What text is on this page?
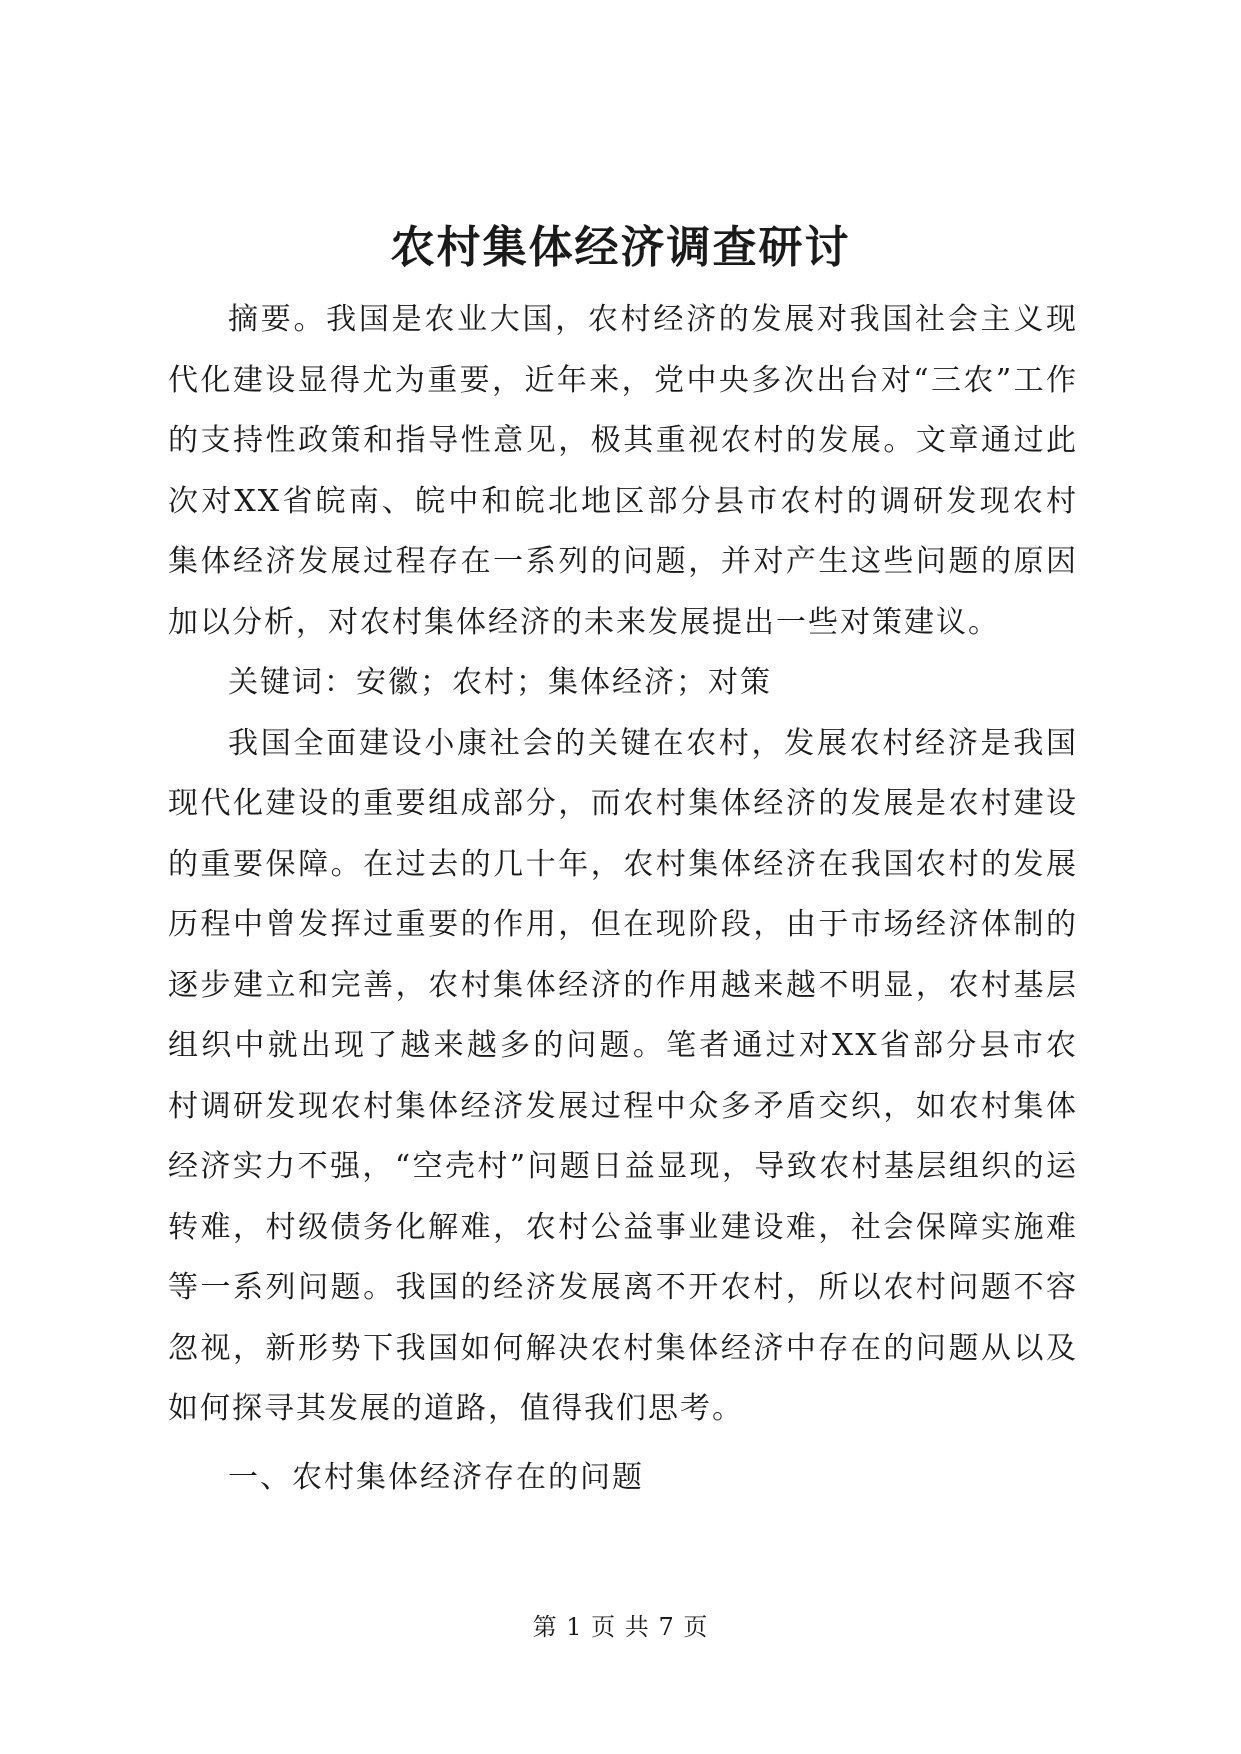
农村集体经济调查研讨

摘要。我国是农业大国，农村经济的发展对我国社会主义现代化建设显得尤为重要，近年来，党中央多次出台对“三农”工作的支持性政策和指导性意见，极其重视农村的发展。文章通过此次对XX省皖南、皖中和皖北地区部分县市农村的调研发现农村集体经济发展过程存在一系列的问题，并对产生这些问题的原因加以分析，对农村集体经济的未来发展提出一些对策建议。

关键词：安徽；农村；集体经济；对策

我国全面建设小康社会的关键在农村，发展农村经济是我国现代化建设的重要组成部分，而农村集体经济的发展是农村建设的重要保障。在过去的几十年，农村集体经济在我国农村的发展历程中曾发挥过重要的作用，但在现阶段，由于市场经济体制的逐步建立和完善，农村集体经济的作用越来越不明显，农村基层组织中就出现了越来越多的问题。笔者通过对XX省部分县市农村调研发现农村集体经济发展过程中众多矛盾交织，如农村集体经济实力不强，“空壳村”问题日益显现，导致农村基层组织的运转难，村级债务化解难，农村公益事业建设难，社会保障实施难等一系列问题。我国的经济发展离不开农村，所以农村问题不容忽视，新形势下我国如何解决农村集体经济中存在的问题从以及如何探寻其发展的道路，值得我们思考。

一、农村集体经济存在的问题
第 1 页 共 7 页
